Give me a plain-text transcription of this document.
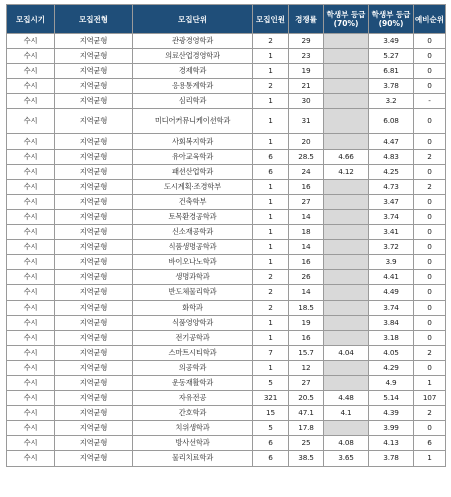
모집시기	모집전형	모집단위	모집인원	경쟁률	학생부 등급(70%)	학생부 등급(90%)	예비순위
수시	지역균형	관광경영학과	2	29		3.49	0
수시	지역균형	의료산업경영학과	1	23		5.27	0
수시	지역균형	경제학과	1	19		6.81	0
수시	지역균형	응용통계학과	2	21		3.78	0
수시	지역균형	심리학과	1	30		3.2	-
수시	지역균형	미디어커뮤니케이션학과	1	31		6.08	0
수시	지역균형	사회복지학과	1	20		4.47	0
수시	지역균형	유아교육학과	6	28.5	4.66	4.83	2
수시	지역균형	패션산업학과	6	24	4.12	4.25	0
수시	지역균형	도시계획·조경학부	1	16		4.73	2
수시	지역균형	건축학부	1	27		3.47	0
수시	지역균형	토목환경공학과	1	14		3.74	0
수시	지역균형	신소재공학과	1	18		3.41	0
수시	지역균형	식품생명공학과	1	14		3.72	0
수시	지역균형	바이오나노학과	1	16		3.9	0
수시	지역균형	생명과학과	2	26		4.41	0
수시	지역균형	반도체물리학과	2	14		4.49	0
수시	지역균형	화학과	2	18.5		3.74	0
수시	지역균형	식품영양학과	1	19		3.84	0
수시	지역균형	전기공학과	1	16		3.18	0
수시	지역균형	스마트시티학과	7	15.7	4.04	4.05	2
수시	지역균형	의공학과	1	12		4.29	0
수시	지역균형	운동재활학과	5	27		4.9	1
수시	지역균형	자유전공	321	20.5	4.48	5.14	107
수시	지역균형	간호학과	15	47.1	4.1	4.39	2
수시	지역균형	치위생학과	5	17.8		3.99	0
수시	지역균형	방사선학과	6	25	4.08	4.13	6
수시	지역균형	물리치료학과	6	38.5	3.65	3.78	1
